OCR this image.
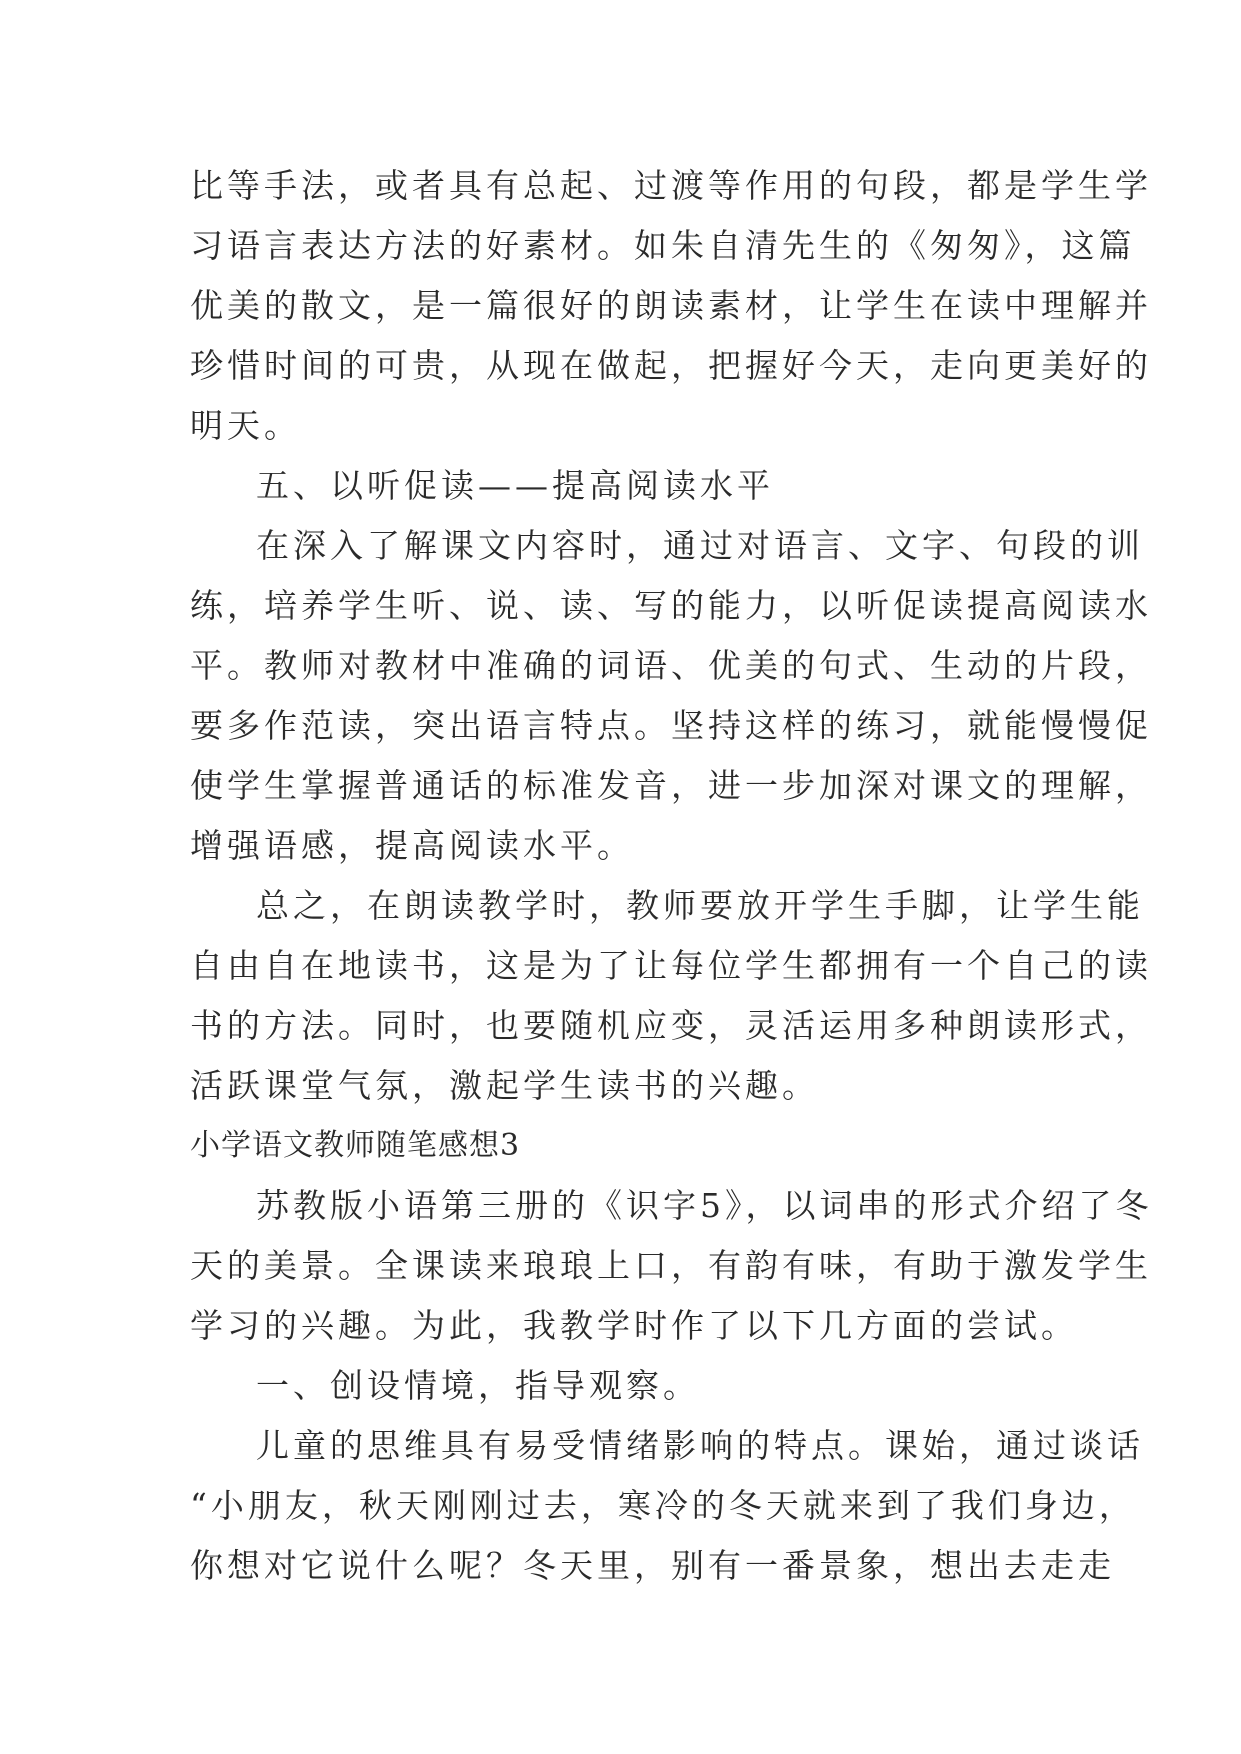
比等手法，或者具有总起、过渡等作用的句段，都是学生学
习语言表达方法的好素材。如朱自清先生的《匆匆》，这篇
优美的散文，是一篇很好的朗读素材，让学生在读中理解并
珍惜时间的可贵，从现在做起，把握好今天，走向更美好的
明天。
五、以听促读——提高阅读水平
在深入了解课文内容时，通过对语言、文字、句段的训
练，培养学生听、说、读、写的能力，以听促读提高阅读水
平。教师对教材中准确的词语、优美的句式、生动的片段，
要多作范读，突出语言特点。坚持这样的练习，就能慢慢促
使学生掌握普通话的标准发音，进一步加深对课文的理解，
增强语感，提高阅读水平。
总之，在朗读教学时，教师要放开学生手脚，让学生能
自由自在地读书，这是为了让每位学生都拥有一个自己的读
书的方法。同时，也要随机应变，灵活运用多种朗读形式，
活跃课堂气氛，激起学生读书的兴趣。
小学语文教师随笔感想3
苏教版小语第三册的《识字5》，以词串的形式介绍了冬
天的美景。全课读来琅琅上口，有韵有味，有助于激发学生
学习的兴趣。为此，我教学时作了以下几方面的尝试。
一、创设情境，指导观察。
儿童的思维具有易受情绪影响的特点。课始，通过谈话
“小朋友，秋天刚刚过去，寒冷的冬天就来到了我们身边，
你想对它说什么呢？冬天里，别有一番景象，想出去走走
